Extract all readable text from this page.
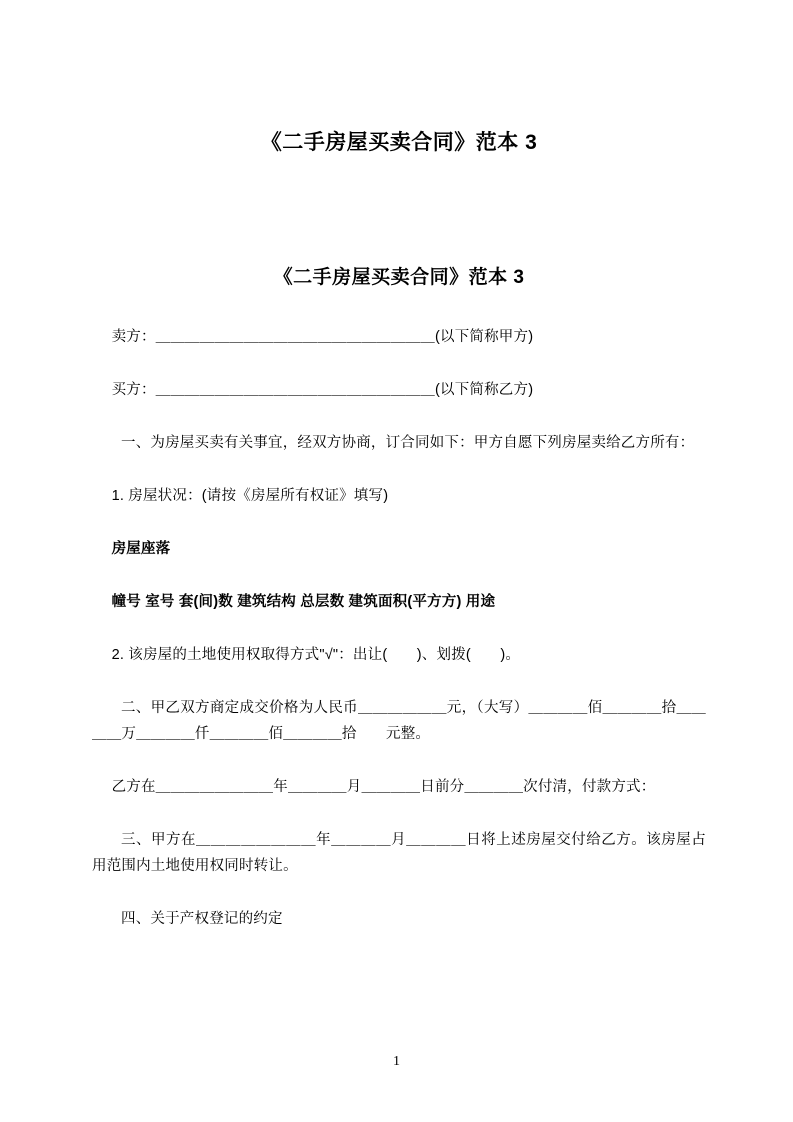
《二手房屋买卖合同》范本 3
《二手房屋买卖合同》范本 3

卖方：＿＿＿＿＿＿＿＿＿＿＿＿＿＿＿＿＿＿＿(以下简称甲方)

买方：＿＿＿＿＿＿＿＿＿＿＿＿＿＿＿＿＿＿＿(以下简称乙方)

一、为房屋买卖有关事宜，经双方协商，订合同如下：甲方自愿下列房屋卖给乙方所有：

1. 房屋状况：(请按《房屋所有权证》填写)

房屋座落

幢号 室号 套(间)数 建筑结构 总层数 建筑面积(平方方) 用途

2. 该房屋的土地使用权取得方式"√"：出让(　　)、划拨(　　)。

二、甲乙双方商定成交价格为人民币＿＿＿＿＿＿元，（大写）＿＿＿＿佰＿＿＿＿拾＿＿＿＿万＿＿＿＿仟＿＿＿＿佰＿＿＿＿拾　　元整。

乙方在＿＿＿＿＿＿＿＿年＿＿＿＿月＿＿＿＿日前分＿＿＿＿次付清，付款方式：

三、甲方在＿＿＿＿＿＿＿＿年＿＿＿＿月＿＿＿＿日将上述房屋交付给乙方。该房屋占用范围内土地使用权同时转让。

四、关于产权登记的约定

1
